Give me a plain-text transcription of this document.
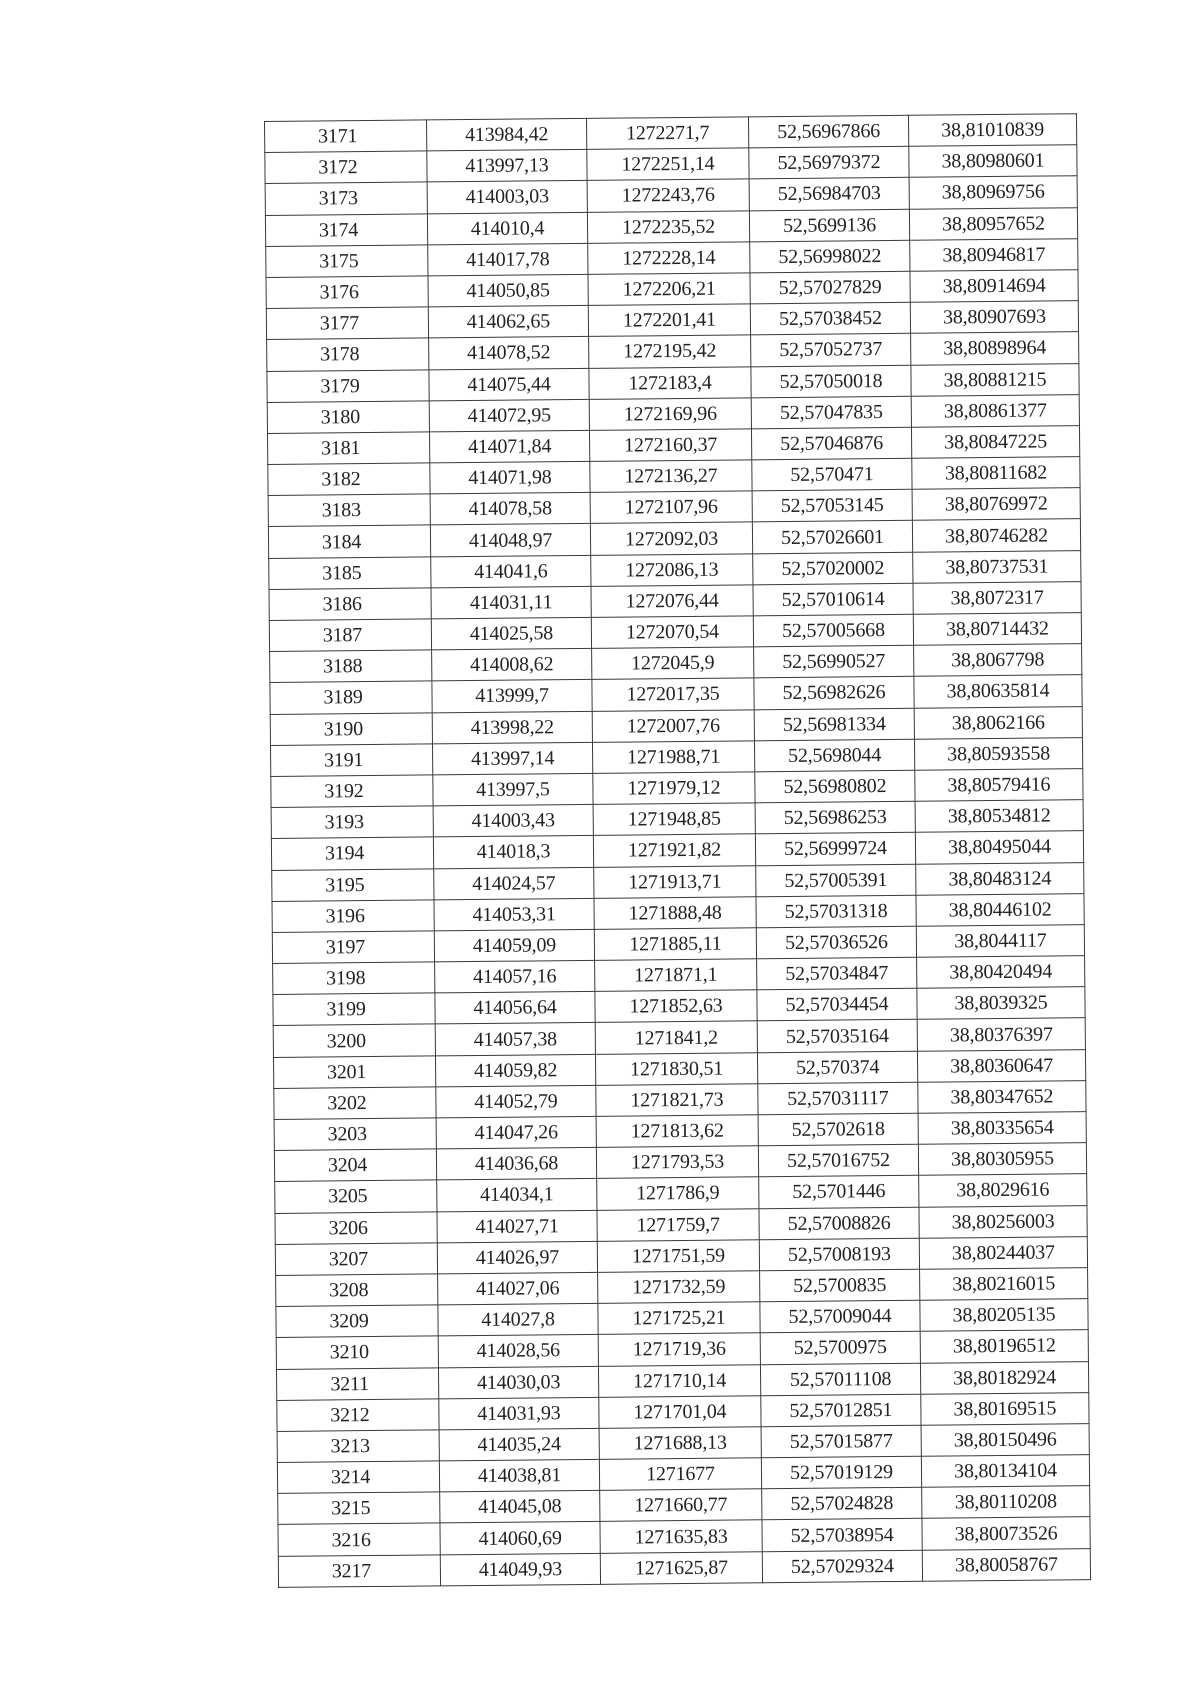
3171	413984,42	1272271,7	52,56967866	38,81010839
3172	413997,13	1272251,14	52,56979372	38,80980601
3173	414003,03	1272243,76	52,56984703	38,80969756
3174	414010,4	1272235,52	52,5699136	38,80957652
3175	414017,78	1272228,14	52,56998022	38,80946817
3176	414050,85	1272206,21	52,57027829	38,80914694
3177	414062,65	1272201,41	52,57038452	38,80907693
3178	414078,52	1272195,42	52,57052737	38,80898964
3179	414075,44	1272183,4	52,57050018	38,80881215
3180	414072,95	1272169,96	52,57047835	38,80861377
3181	414071,84	1272160,37	52,57046876	38,80847225
3182	414071,98	1272136,27	52,570471	38,80811682
3183	414078,58	1272107,96	52,57053145	38,80769972
3184	414048,97	1272092,03	52,57026601	38,80746282
3185	414041,6	1272086,13	52,57020002	38,80737531
3186	414031,11	1272076,44	52,57010614	38,8072317
3187	414025,58	1272070,54	52,57005668	38,80714432
3188	414008,62	1272045,9	52,56990527	38,8067798
3189	413999,7	1272017,35	52,56982626	38,80635814
3190	413998,22	1272007,76	52,56981334	38,8062166
3191	413997,14	1271988,71	52,5698044	38,80593558
3192	413997,5	1271979,12	52,56980802	38,80579416
3193	414003,43	1271948,85	52,56986253	38,80534812
3194	414018,3	1271921,82	52,56999724	38,80495044
3195	414024,57	1271913,71	52,57005391	38,80483124
3196	414053,31	1271888,48	52,57031318	38,80446102
3197	414059,09	1271885,11	52,57036526	38,8044117
3198	414057,16	1271871,1	52,57034847	38,80420494
3199	414056,64	1271852,63	52,57034454	38,8039325
3200	414057,38	1271841,2	52,57035164	38,80376397
3201	414059,82	1271830,51	52,570374	38,80360647
3202	414052,79	1271821,73	52,57031117	38,80347652
3203	414047,26	1271813,62	52,5702618	38,80335654
3204	414036,68	1271793,53	52,57016752	38,80305955
3205	414034,1	1271786,9	52,5701446	38,8029616
3206	414027,71	1271759,7	52,57008826	38,80256003
3207	414026,97	1271751,59	52,57008193	38,80244037
3208	414027,06	1271732,59	52,5700835	38,80216015
3209	414027,8	1271725,21	52,57009044	38,80205135
3210	414028,56	1271719,36	52,5700975	38,80196512
3211	414030,03	1271710,14	52,57011108	38,80182924
3212	414031,93	1271701,04	52,57012851	38,80169515
3213	414035,24	1271688,13	52,57015877	38,80150496
3214	414038,81	1271677	52,57019129	38,80134104
3215	414045,08	1271660,77	52,57024828	38,80110208
3216	414060,69	1271635,83	52,57038954	38,80073526
3217	414049,93	1271625,87	52,57029324	38,80058767
